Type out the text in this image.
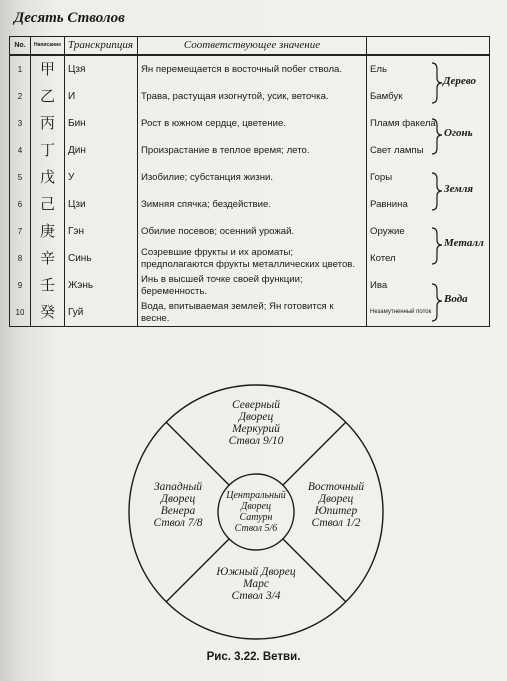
Десять Стволов
No.	Написание	Транскрипция	Соответствующее значение	
1	甲	Цзя	Ян перемещается в восточный побег ствола.	Ель
2	乙	И	Трава, растущая изогнутой, усик, веточка.	Бамбук
3	丙	Бин	Рост в южном сердце, цветение.	Пламя факела
4	丁	Дин	Произрастание в теплое время; лето.	Свет лампы
5	戊	У	Изобилие; субстанция жизни.	Горы
6	己	Цзи	Зимняя спячка; бездействие.	Равнина
7	庚	Гэн	Обилие посевов; осенний урожай.	Оружие
8	辛	Синь	Созревшие фрукты и их ароматы; предполагаются фрукты металлических цветов.	Котел
9	壬	Жэнь	Инь в высшей точке своей функции; беременность.	Ива
10	癸	Гуй	Вода, впитываемая землей; Ян готовится к весне.	Незамутненный поток
Дерево
Огонь
Земля
Металл
Вода
Северный
Дворец
Меркурий
Ствол 9/10
Западный
Дворец
Венера
Ствол 7/8
Центральный
Дворец
Сатурн
Ствол 5/6
Восточный
Дворец
Юпитер
Ствол 1/2
Южный Дворец
Марс
Ствол 3/4
Рис. 3.22. Ветви.
